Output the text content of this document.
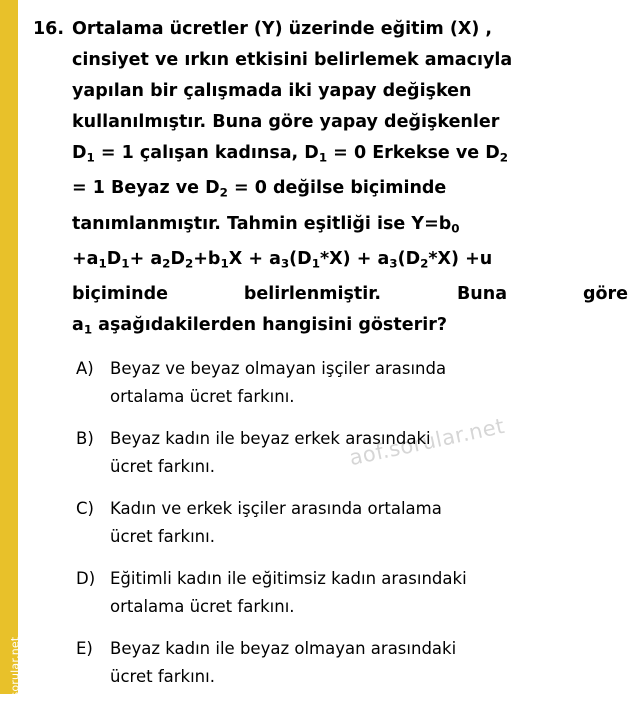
aof.sorular.net
aof.sorular.net
16. Ortalama ücretler (Y) üzerinde eğitim (X) ,

cinsiyet ve ırkın etkisini belirlemek amacıyla

yapılan bir çalışmada iki yapay değişken

kullanılmıştır. Buna göre yapay değişkenler

$D_1 = 1$ çalışan kadınsa, $D_1 = 0$ Erkekse ve $D_2$

= 1 Beyaz ve $D_2 = 0$ değilse biçiminde

tanımlanmıştır. Tahmin eşitliği ise $Y=b_0$

$+a_1D_1+ a_2D_2+b_1X + a_3(D_1*X) + a_3(D_2*X) +u$

biçiminde belirlenmiştir. Buna göre

$a_1$ aşağıdakilerden hangisini gösterir?

A) Beyaz ve beyaz olmayan işçiler arasında
ortalama ücret farkını.
B) Beyaz kadın ile beyaz erkek arasındaki
ücret farkını.
C) Kadın ve erkek işçiler arasında ortalama
ücret farkını.
D) Eğitimli kadın ile eğitimsiz kadın arasındaki
ortalama ücret farkını.
E)	Beyaz kadın ile beyaz olmayan arasındaki
ücret farkını.
